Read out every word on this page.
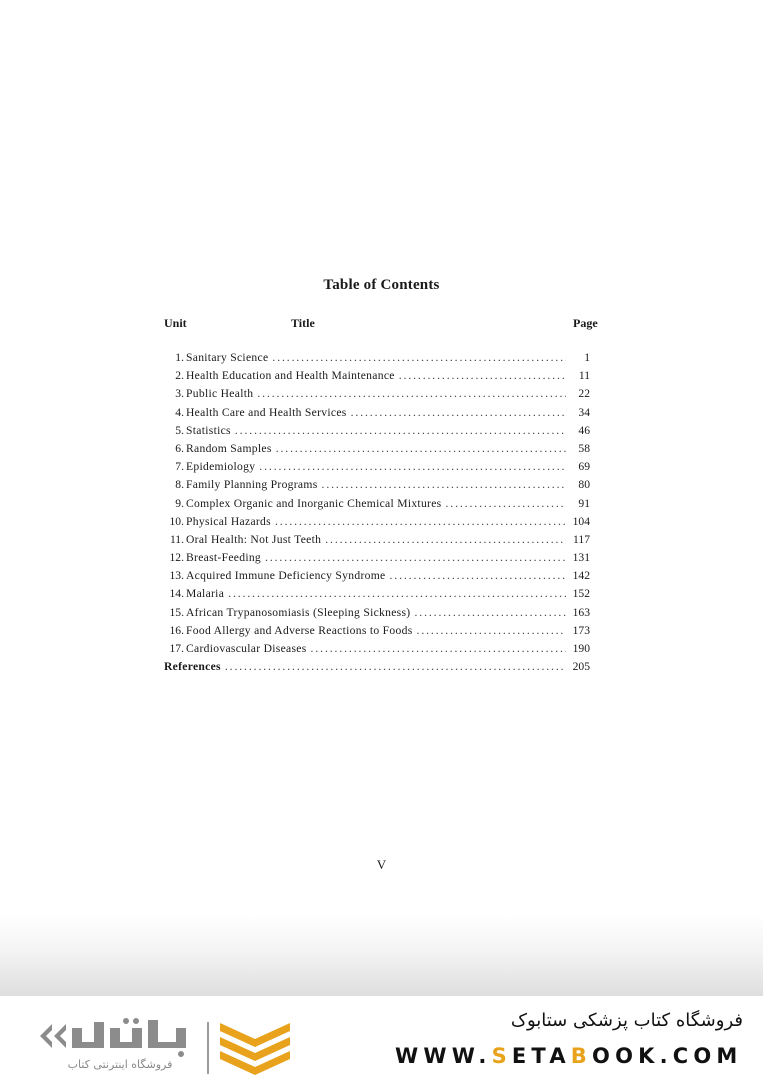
Table of Contents
Unit	Title	Page
1. Sanitary Science . . .	1
2. Health Education and Health Maintenance . . .	11
3. Public Health . . .	22
4. Health Care and Health Services . . .	34
5. Statistics . . .	46
6. Random Samples . . .	58
7. Epidemiology . . .	69
8. Family Planning Programs . . .	80
9. Complex Organic and Inorganic Chemical Mixtures . . .	91
10. Physical Hazards . . .	104
11. Oral Health: Not Just Teeth . . .	117
12. Breast-Feeding . . .	131
13. Acquired Immune Deficiency Syndrome . . .	142
14. Malaria . . .	152
15. African Trypanosomiasis (Sleeping Sickness) . . .	163
16. Food Allergy and Adverse Reactions to Foods . . .	173
17. Cardiovascular Diseases . . .	190
References . . .	205
V
فروشگاه اینترنتی کتاب
فروشگاه کتاب پزشکی ستابوک
WWW.SETABOOK.COM
